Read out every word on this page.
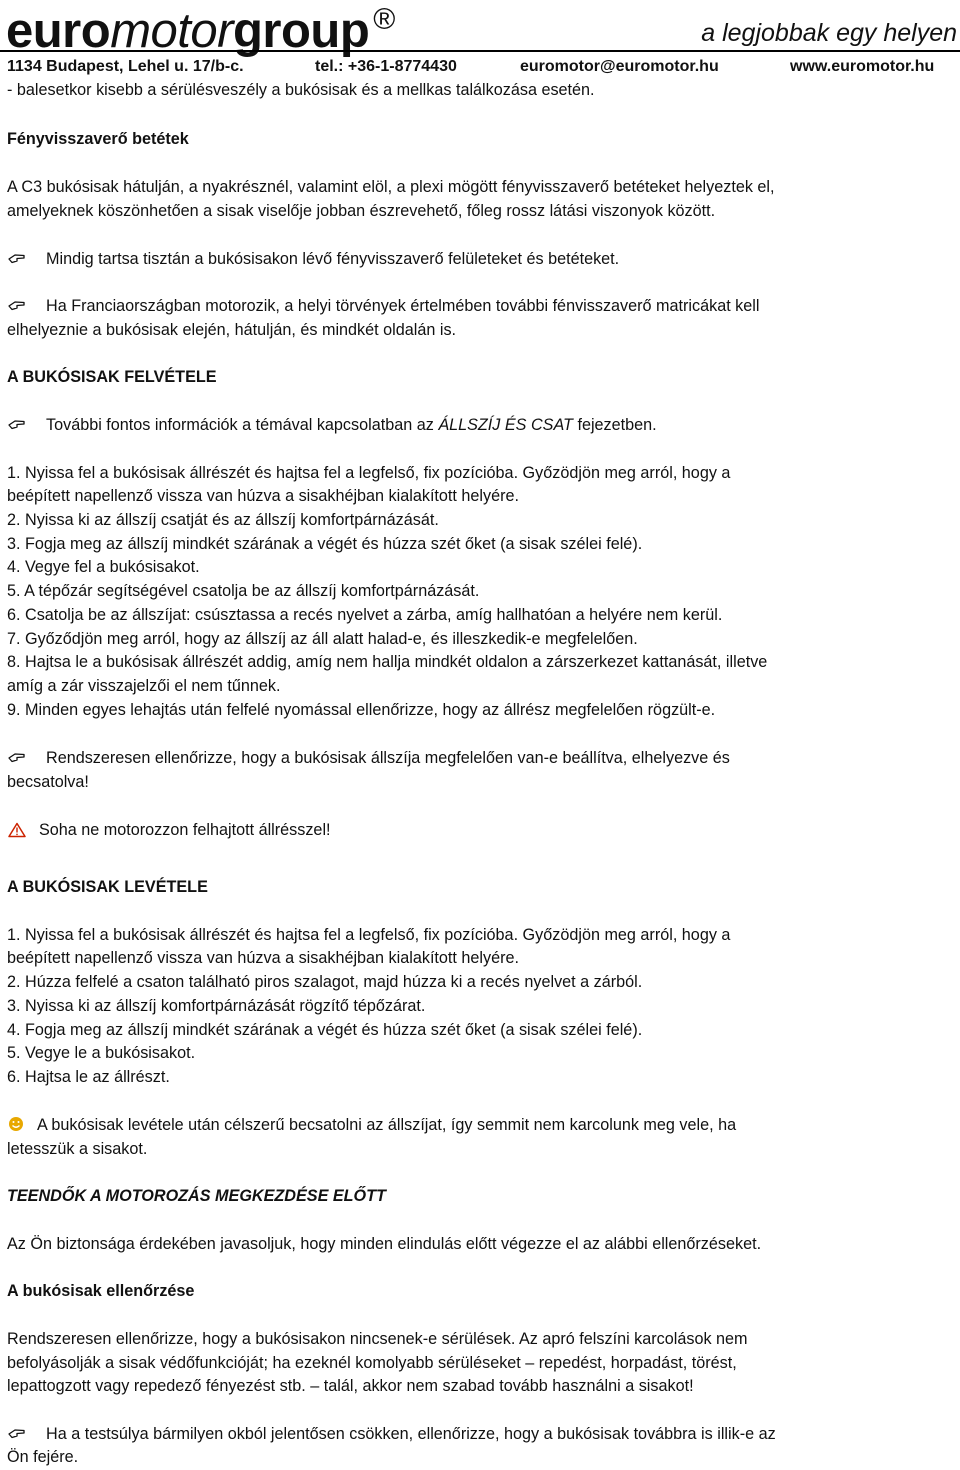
euromotorgroup ®	a legjobbak egy helyen
1134 Budapest, Lehel u. 17/b-c.	tel.: +36-1-8774430	euromotor@euromotor.hu	www.euromotor.hu
- balesetkor kisebb a sérülésveszély a bukósisak és a mellkas találkozása esetén.
Fényvisszaverő betétek
A C3 bukósisak hátulján, a nyakrésznél, valamint elöl, a plexi mögött fényvisszaverő betéteket helyeztek el,
amelyeknek köszönhetően a sisak viselője jobban észrevehető, főleg rossz látási viszonyok között.
Mindig tartsa tisztán a bukósisakon lévő fényvisszaverő felületeket és betéteket.
Ha Franciaországban motorozik, a helyi törvények értelmében további fénvisszaverő matricákat kell
elhelyeznie a bukósisak elején, hátulján, és mindkét oldalán is.
A BUKÓSISAK FELVÉTELE
További fontos információk a témával kapcsolatban az ÁLLSZÍJ ÉS CSAT fejezetben.
1. Nyissa fel a bukósisak állrészét és hajtsa fel a legfelső, fix pozícióba. Győzödjön meg arról, hogy a
beépített napellenző vissza van húzva a sisakhéjban kialakított helyére.
2. Nyissa ki az állszíj csatját és az állszíj komfortpárnázását.
3. Fogja meg az állszíj mindkét szárának a végét és húzza szét őket (a sisak szélei felé).
4. Vegye fel a bukósisakot.
5. A tépőzár segítségével csatolja be az állszíj komfortpárnázását.
6. Csatolja be az állszíjat: csúsztassa a recés nyelvet a zárba, amíg hallhatóan a helyére nem kerül.
7. Győződjön meg arról, hogy az állszíj az áll alatt halad-e, és illeszkedik-e megfelelően.
8. Hajtsa le a bukósisak állrészét addig, amíg nem hallja mindkét oldalon a zárszerkezet kattanását, illetve
amíg a zár visszajelzői el nem tűnnek.
9. Minden egyes lehajtás után felfelé nyomással ellenőrizze, hogy az állrész megfelelően rögzült-e.
Rendszeresen ellenőrizze, hogy a bukósisak állszíja megfelelően van-e beállítva, elhelyezve és
becsatolva!
Soha ne motorozzon felhajtott állrésszel!
A BUKÓSISAK LEVÉTELE
1. Nyissa fel a bukósisak állrészét és hajtsa fel a legfelső, fix pozícióba. Győzödjön meg arról, hogy a
beépített napellenző vissza van húzva a sisakhéjban kialakított helyére.
2. Húzza felfelé a csaton található piros szalagot, majd húzza ki a recés nyelvet a zárból.
3. Nyissa ki az állszíj komfortpárnázását rögzítő tépőzárat.
4. Fogja meg az állszíj mindkét szárának a végét és húzza szét őket (a sisak szélei felé).
5. Vegye le a bukósisakot.
6. Hajtsa le az állrészt.
A bukósisak levétele után célszerű becsatolni az állszíjat, így semmit nem karcolunk meg vele, ha
letesszük a sisakot.
TEENDŐK A MOTOROZÁS MEGKEZDÉSE ELŐTT
Az Ön biztonsága érdekében javasoljuk, hogy minden elindulás előtt végezze el az alábbi ellenőrzéseket.
A bukósisak ellenőrzése
Rendszeresen ellenőrizze, hogy a bukósisakon nincsenek-e sérülések. Az apró felszíni karcolások nem
befolyásolják a sisak védőfunkcióját; ha ezeknél komolyabb sérüléseket – repedést, horpadást, törést,
lepattogzott vagy repedező fényezést stb. – talál, akkor nem szabad tovább használni a sisakot!
Ha a testsúlya bármilyen okból jelentősen csökken, ellenőrizze, hogy a bukósisak továbbra is illik-e az
Ön fejére.
